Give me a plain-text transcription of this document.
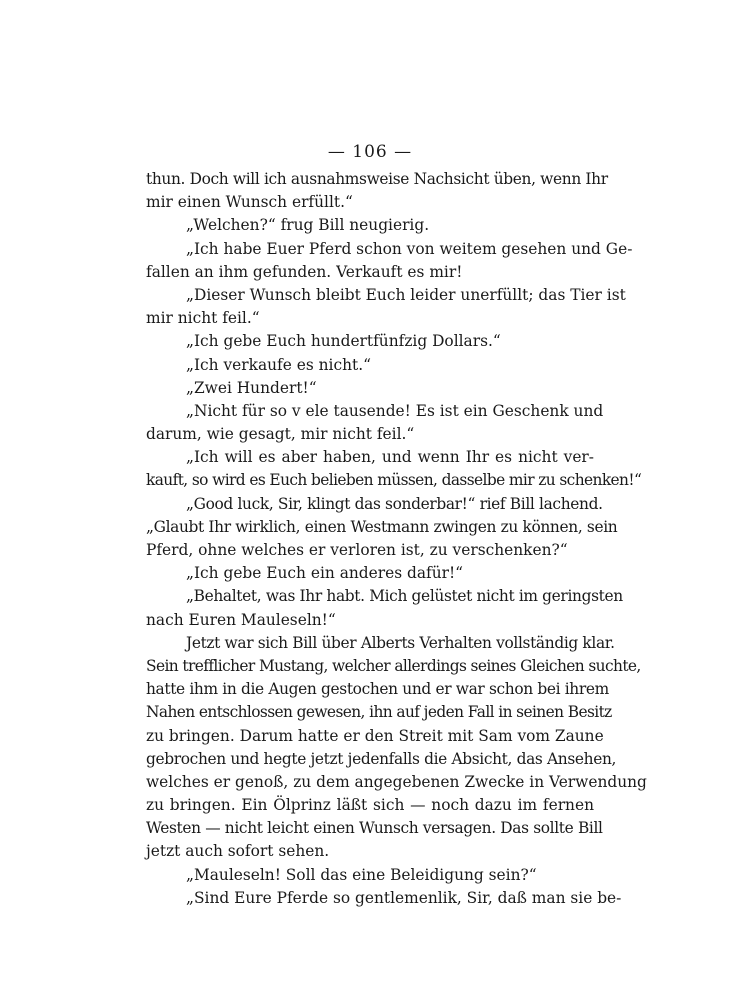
— 106 —
thun. Doch will ich ausnahmsweise Nachsicht üben, wenn Ihr
mir einen Wunsch erfüllt.“
„Welchen?“ frug Bill neugierig.
„Ich habe Euer Pferd schon von weitem gesehen und Ge-
fallen an ihm gefunden. Verkauft es mir!
„Dieser Wunsch bleibt Euch leider unerfüllt; das Tier ist
mir nicht feil.“
„Ich gebe Euch hundertfünfzig Dollars.“
„Ich verkaufe es nicht.“
„Zwei Hundert!“
„Nicht für so v ele tausende! Es ist ein Geschenk und
darum, wie gesagt, mir nicht feil.“
„Ich will es aber haben, und wenn Ihr es nicht ver-
kauft, so wird es Euch belieben müssen, dasselbe mir zu schenken!“
„Good luck, Sir, klingt das sonderbar!“ rief Bill lachend.
„Glaubt Ihr wirklich, einen Westmann zwingen zu können, sein
Pferd, ohne welches er verloren ist, zu verschenken?“
„Ich gebe Euch ein anderes dafür!“
„Behaltet, was Ihr habt. Mich gelüstet nicht im geringsten
nach Euren Mauleseln!“
Jetzt war sich Bill über Alberts Verhalten vollständig klar.
Sein trefflicher Mustang, welcher allerdings seines Gleichen suchte,
hatte ihm in die Augen gestochen und er war schon bei ihrem
Nahen entschlossen gewesen, ihn auf jeden Fall in seinen Besitz
zu bringen. Darum hatte er den Streit mit Sam vom Zaune
gebrochen und hegte jetzt jedenfalls die Absicht, das Ansehen,
welches er genoß, zu dem angegebenen Zwecke in Verwendung
zu bringen. Ein Ölprinz läßt sich — noch dazu im fernen
Westen — nicht leicht einen Wunsch versagen. Das sollte Bill
jetzt auch sofort sehen.
„Mauleseln! Soll das eine Beleidigung sein?“
„Sind Eure Pferde so gentlemenlik, Sir, daß man sie be-
